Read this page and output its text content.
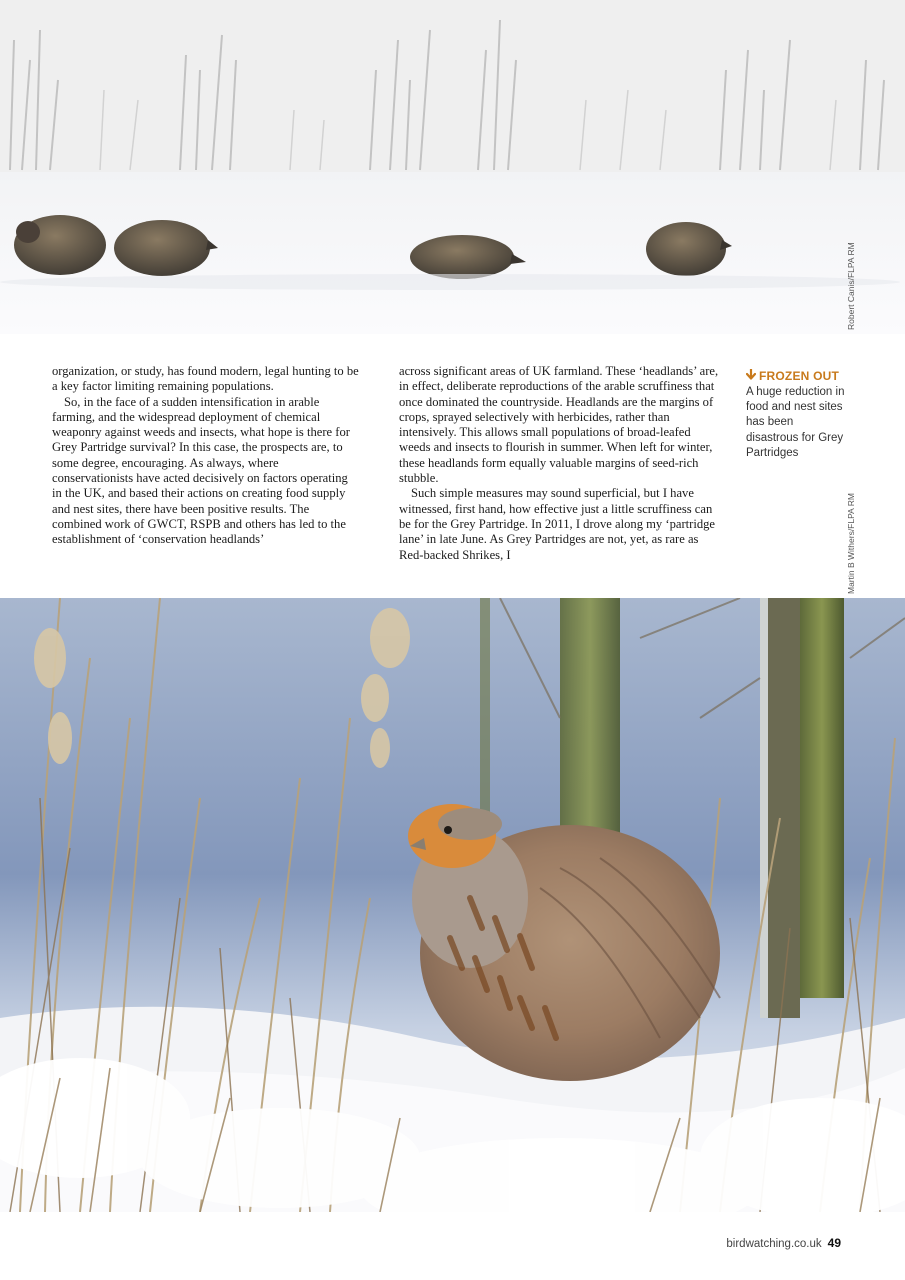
Robert Canis/FLPA RM

organization, or study, has found modern, legal hunting to be a key factor limiting remaining populations.

So, in the face of a sudden intensification in arable farming, and the widespread deployment of chemical weaponry against weeds and insects, what hope is there for Grey Partridge survival? In this case, the prospects are, to some degree, encouraging. As always, where conservationists have acted decisively on factors operating in the UK, and based their actions on creating food supply and nest sites, there have been positive results. The combined work of GWCT, RSPB and others has led to the establishment of ‘conservation headlands’

across significant areas of UK farmland. These ‘headlands’ are, in effect, deliberate reproductions of the arable scruffiness that once dominated the countryside. Headlands are the margins of crops, sprayed selectively with herbicides, rather than intensively. This allows small populations of broad-leafed weeds and insects to flourish in summer. When left for winter, these headlands form equally valuable margins of seed-rich stubble.

Such simple measures may sound superficial, but I have witnessed, first hand, how effective just a little scruffiness can be for the Grey Partridge. In 2011, I drove along my ‘partridge lane’ in late June. As Grey Partridges are not, yet, as rare as Red-backed Shrikes, I

FROZEN OUT
A huge reduction in food and nest sites has been disastrous for Grey Partridges
Martin B Withers/FLPA RM
birdwatching.co.uk 49
